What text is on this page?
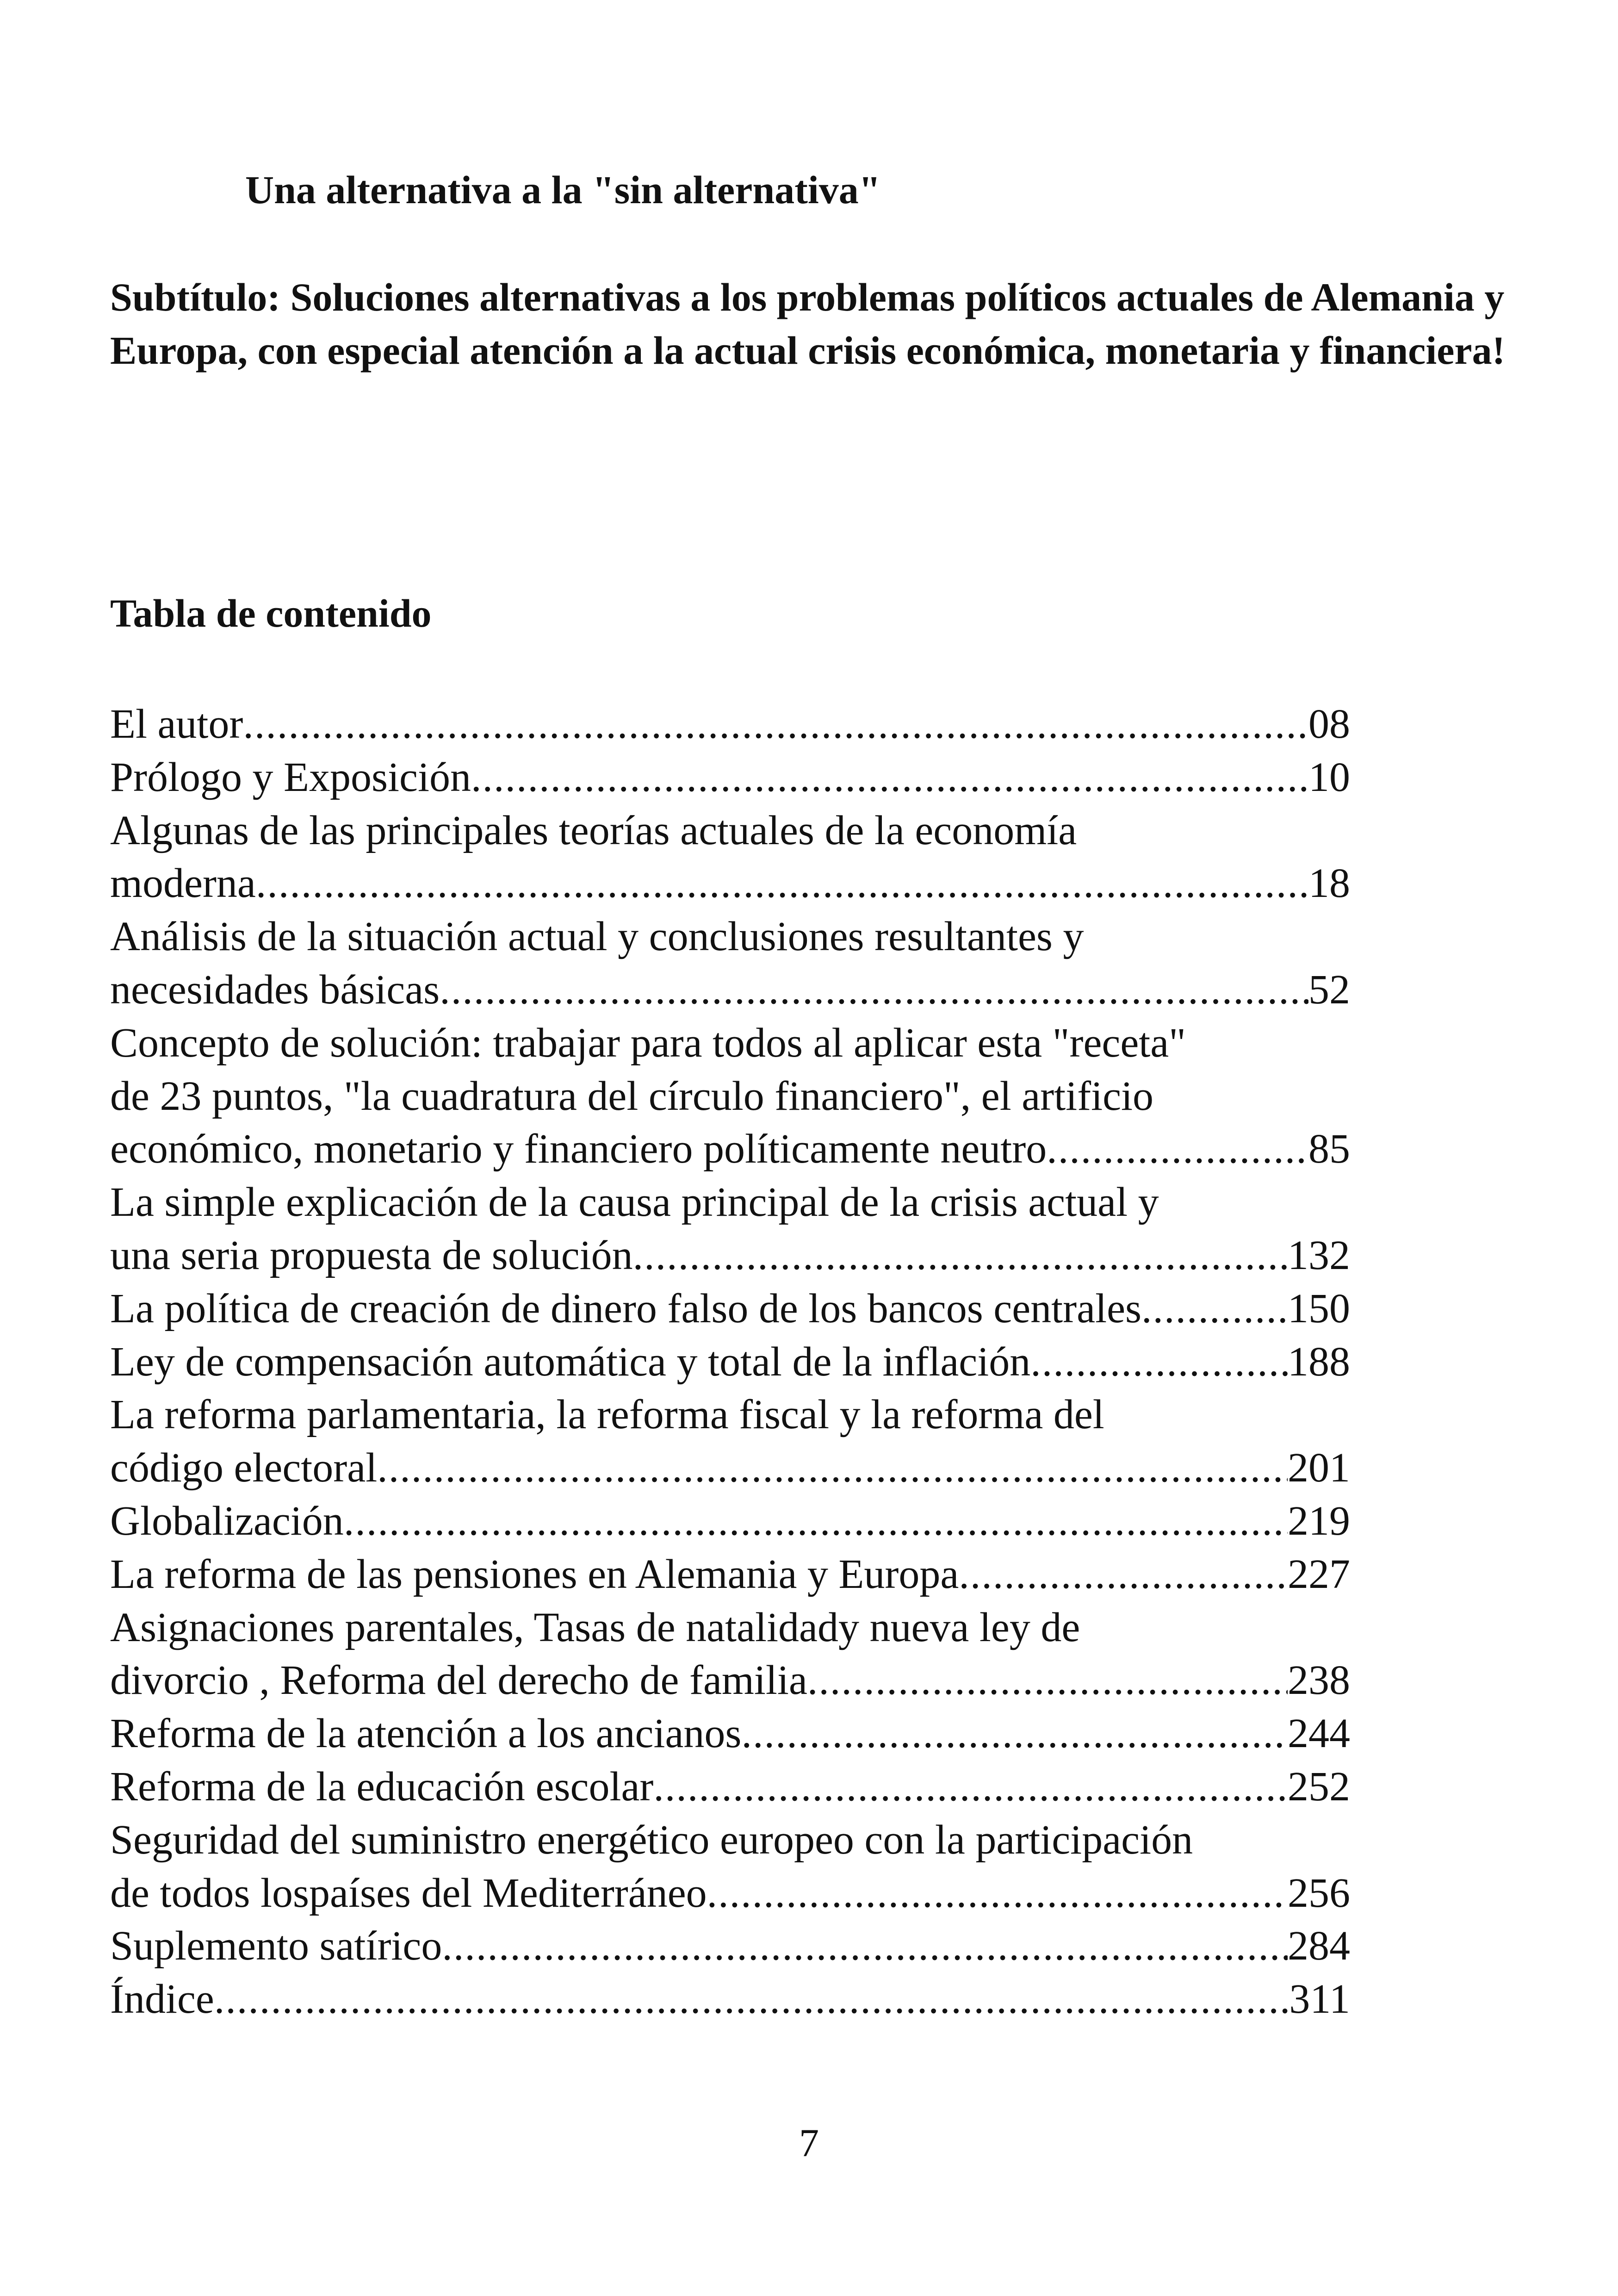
Una alternativa a la "sin alternativa"

Subtítulo: Soluciones alternativas a los problemas políticos actuales de Alemania y Europa, con especial atención a la actual crisis económica, monetaria y financiera!

Tabla de contenido
El autor .....	08
Prólogo y Exposición .....	10
Algunas de las principales teorías actuales de la economía
moderna .....	18
Análisis de la situación actual y conclusiones resultantes y
necesidades básicas .....	52
Concepto de solución: trabajar para todos al aplicar esta "receta"
de 23 puntos, "la cuadratura del círculo financiero", el artificio
económico, monetario y financiero políticamente neutro .....	85
La simple explicación de la causa principal de la crisis actual y
una seria propuesta de solución .....	132
La política de creación de dinero falso de los bancos centrales .....	150
Ley de compensación automática y total de la inflación .....	188
La reforma parlamentaria, la reforma fiscal y la reforma del
código electoral .....	201
Globalización .....	219
La reforma de las pensiones en Alemania y Europa .....	227
Asignaciones parentales, Tasas de natalidady nueva ley de
divorcio , Reforma del derecho de familia .....	238
Reforma de la atención a los ancianos .....	244
Reforma de la educación escolar .....	252
Seguridad del suministro energético europeo con la participación
de todos lospaíses del Mediterráneo .....	256
Suplemento satírico .....	284
Índice .....	311

7
